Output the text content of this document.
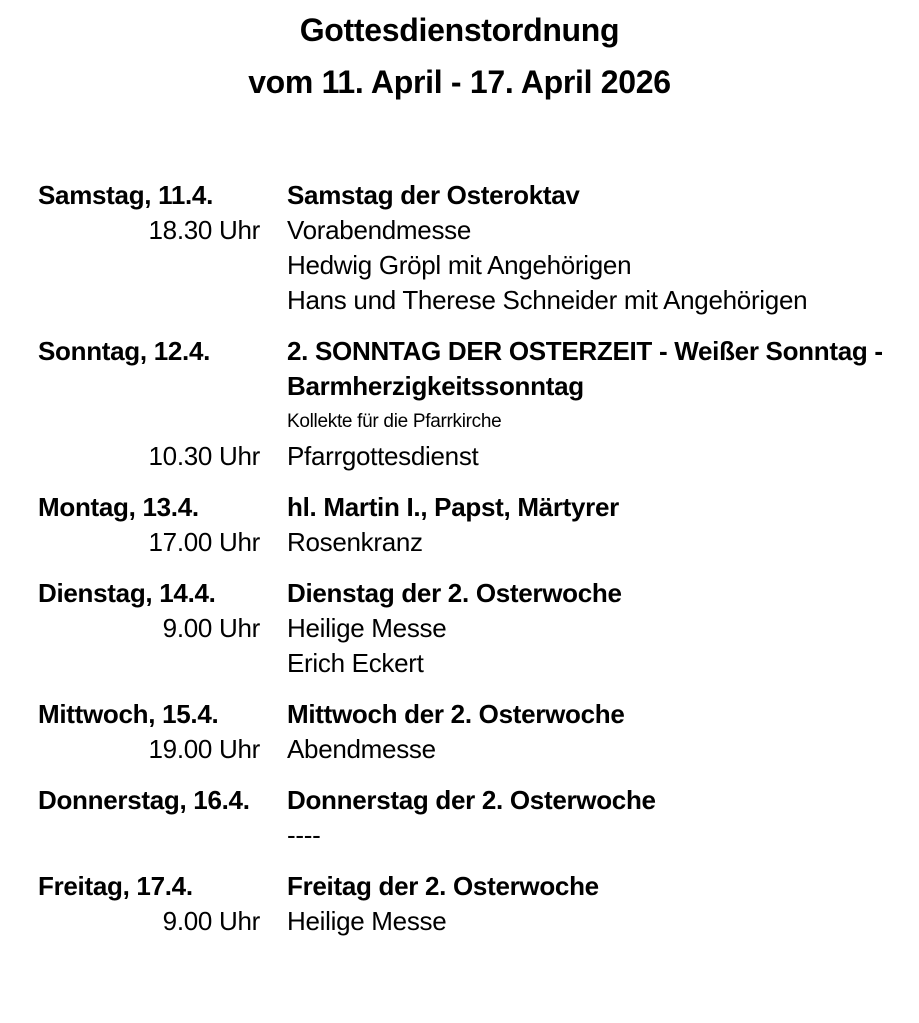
Gottesdienstordnung
vom 11. April - 17. April 2026
Samstag, 11.4.	Samstag der Osteroktav
18.30 Uhr Vorabendmesse
Hedwig Gröpl mit Angehörigen
Hans und Therese Schneider mit Angehörigen
Sonntag, 12.4.	2. SONNTAG DER OSTERZEIT - Weißer Sonntag -
Barmherzigkeitssonntag
Kollekte für die Pfarrkirche
10.30 Uhr Pfarrgottesdienst
Montag, 13.4.	hl. Martin I., Papst, Märtyrer
17.00 Uhr Rosenkranz
Dienstag, 14.4.	Dienstag der 2. Osterwoche
9.00 Uhr Heilige Messe
Erich Eckert
Mittwoch, 15.4.	Mittwoch der 2. Osterwoche
19.00 Uhr Abendmesse
Donnerstag, 16.4.	Donnerstag der 2. Osterwoche
----
Freitag, 17.4.	Freitag der 2. Osterwoche
9.00 Uhr Heilige Messe
